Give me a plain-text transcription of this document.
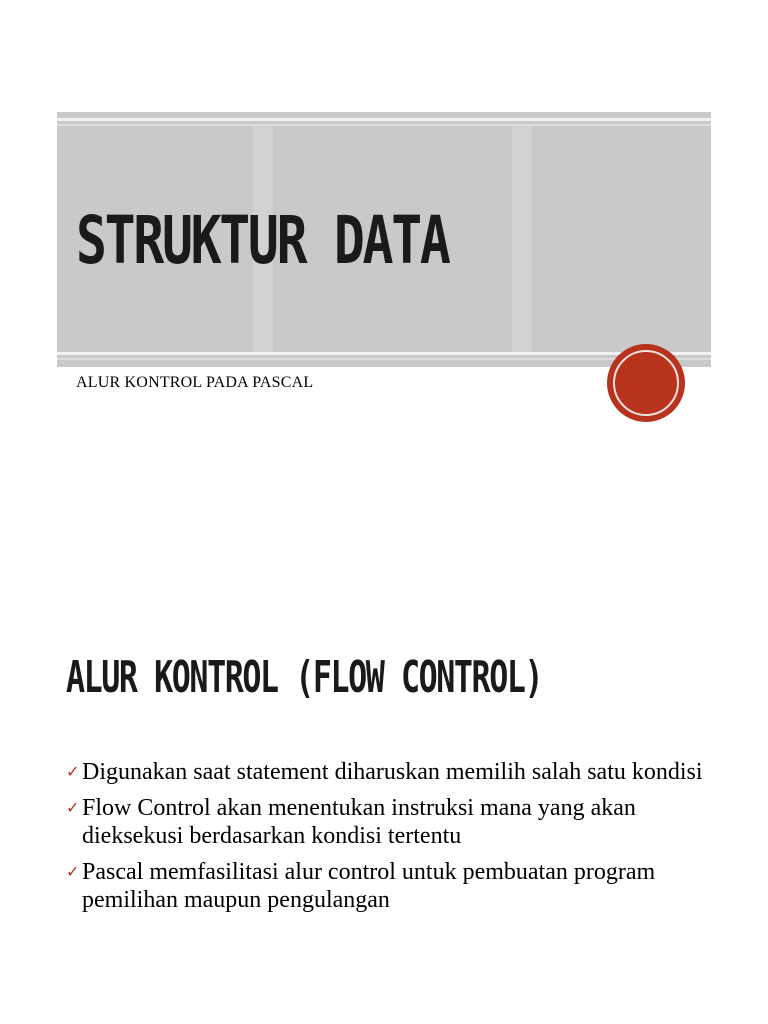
STRUKTUR DATA
ALUR KONTROL PADA PASCAL
ALUR KONTROL (FLOW CONTROL)
✓ Digunakan saat statement diharuskan memilih salah satu kondisi
✓ Flow Control akan menentukan instruksi mana yang akan dieksekusi berdasarkan kondisi tertentu
✓ Pascal memfasilitasi alur control untuk pembuatan program pemilihan maupun pengulangan
